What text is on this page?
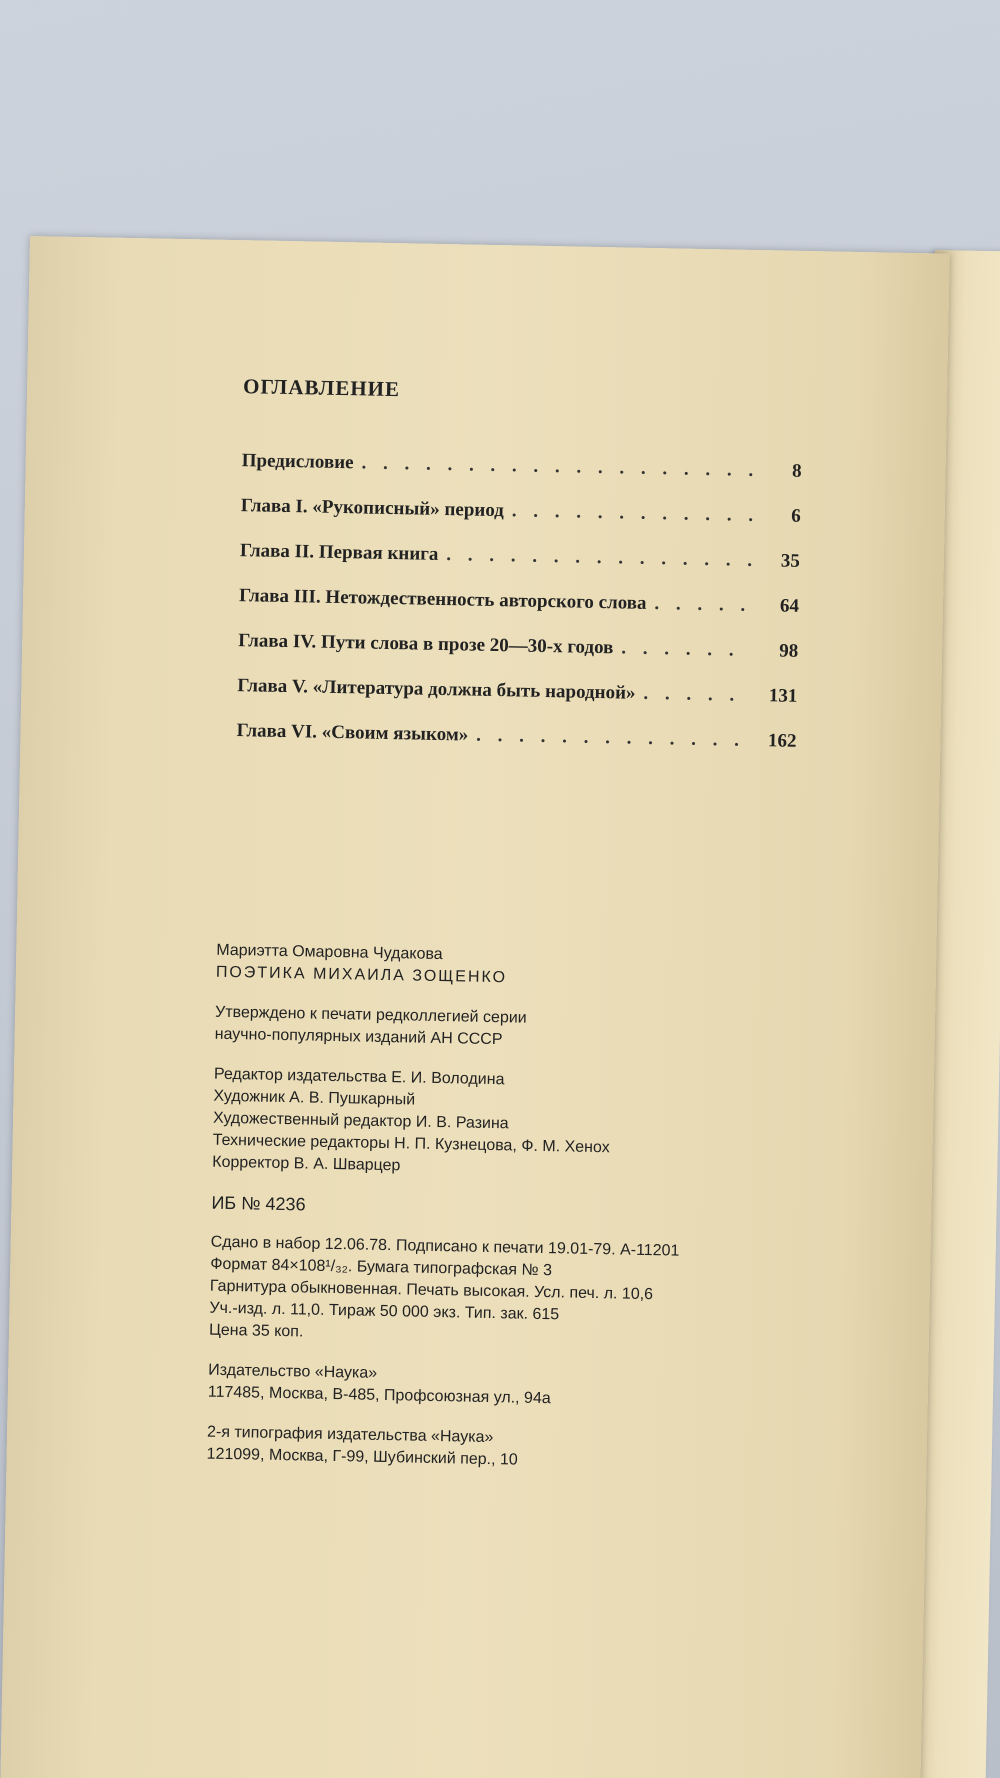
ОГЛАВЛЕНИЕ
Предисловие . . .	8
Глава I. «Рукописный» период . . .	6
Глава II. Первая книга . . .	35
Глава III. Нетождественность авторского слова . . .	64
Глава IV. Пути слова в прозе 20—30-х годов . . .	98
Глава V. «Литература должна быть народной» . . .	131
Глава VI. «Своим языком» . . .	162
Мариэтта Омаровна Чудакова
ПОЭТИКА МИХАИЛА ЗОЩЕНКО
Утверждено к печати редколлегией серии
научно-популярных изданий АН СССР
Редактор издательства Е. И. Володина
Художник А. В. Пушкарный
Художественный редактор И. В. Разина
Технические редакторы Н. П. Кузнецова, Ф. М. Хенох
Корректор В. А. Шварцер
ИБ № 4236
Сдано в набор 12.06.78. Подписано к печати 19.01-79. А-11201
Формат 84×108¹/₃₂. Бумага типографская № 3
Гарнитура обыкновенная. Печать высокая. Усл. печ. л. 10,6
Уч.-изд. л. 11,0. Тираж 50 000 экз. Тип. зак. 615
Цена 35 коп.
Издательство «Наука»
117485, Москва, В-485, Профсоюзная ул., 94а
2-я типография издательства «Наука»
121099, Москва, Г-99, Шубинский пер., 10
